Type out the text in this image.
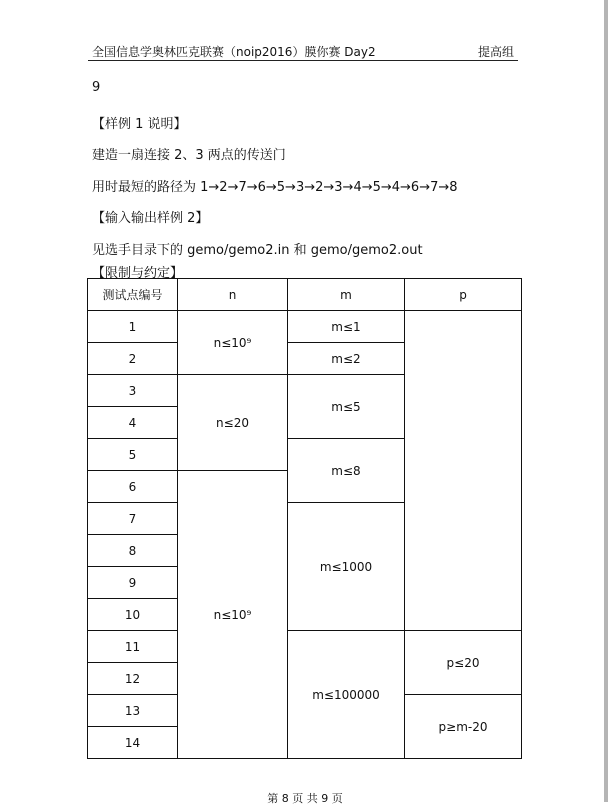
全国信息学奥林匹克联赛（noip2016）膜你赛 Day2	提高组
9
【样例 1 说明】
建造一扇连接 2、3 两点的传送门
用时最短的路径为 1→2→7→6→5→3→2→3→4→5→4→6→7→8
【输入输出样例 2】
见选手目录下的 gemo/gemo2.in 和 gemo/gemo2.out
【限制与约定】
测试点编号	n	m	p
1	n≤10⁹	m≤1	
2		m≤2	
3	n≤20	m≤5	
4			
5		m≤8	
6	n≤10⁹		
7		m≤1000	
8			
9			
10			
11		m≤100000	p≤20
12			
13			p≥m-20
14			
第 8 页 共 9 页
